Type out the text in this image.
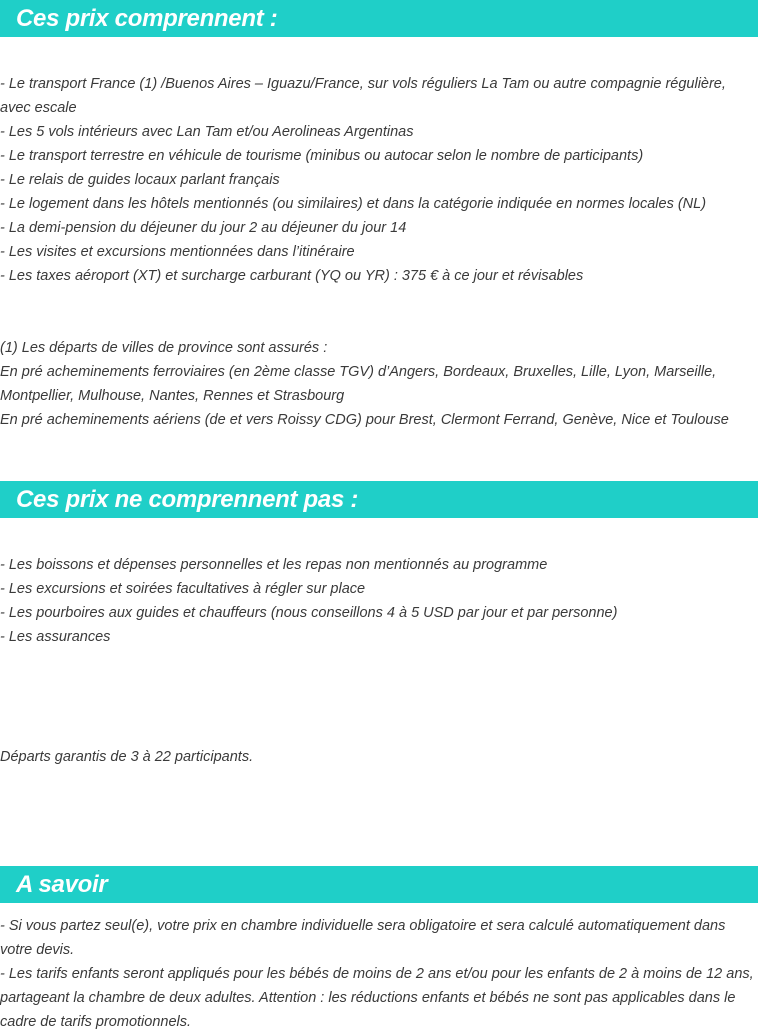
Ces prix comprennent :
- Le transport France (1) /Buenos Aires – Iguazu/France, sur vols réguliers La Tam ou autre compagnie régulière, avec escale
- Les 5 vols intérieurs avec Lan Tam et/ou Aerolineas Argentinas
- Le transport terrestre en véhicule de tourisme (minibus ou autocar selon le nombre de participants)
- Le relais de guides locaux parlant français
- Le logement dans les hôtels mentionnés (ou similaires) et dans la catégorie indiquée en normes locales (NL)
- La demi-pension du déjeuner du jour 2 au déjeuner du jour 14
- Les visites et excursions mentionnées dans l’itinéraire
- Les taxes aéroport (XT) et surcharge carburant (YQ ou YR) : 375 € à ce jour et révisables

(1) Les départs de villes de province sont assurés :

En pré acheminements ferroviaires (en 2ème classe TGV) d’Angers, Bordeaux, Bruxelles, Lille, Lyon, Marseille, Montpellier, Mulhouse, Nantes, Rennes et Strasbourg

En pré acheminements aériens (de et vers Roissy CDG) pour Brest, Clermont Ferrand, Genève, Nice et Toulouse

Ces prix ne comprennent pas :
- Les boissons et dépenses personnelles et les repas non mentionnés au programme
- Les excursions et soirées facultatives à régler sur place
- Les pourboires aux guides et chauffeurs (nous conseillons 4 à 5 USD par jour et par personne)
- Les assurances

Départs garantis de 3 à 22 participants.

A savoir

- Si vous partez seul(e), votre prix en chambre individuelle sera obligatoire et sera calculé automatiquement dans votre devis.

- Les tarifs enfants seront appliqués pour les bébés de moins de 2 ans et/ou pour les enfants de 2 à moins de 12 ans, partageant la chambre de deux adultes. Attention : les réductions enfants et bébés ne sont pas applicables dans le cadre de tarifs promotionnels.
